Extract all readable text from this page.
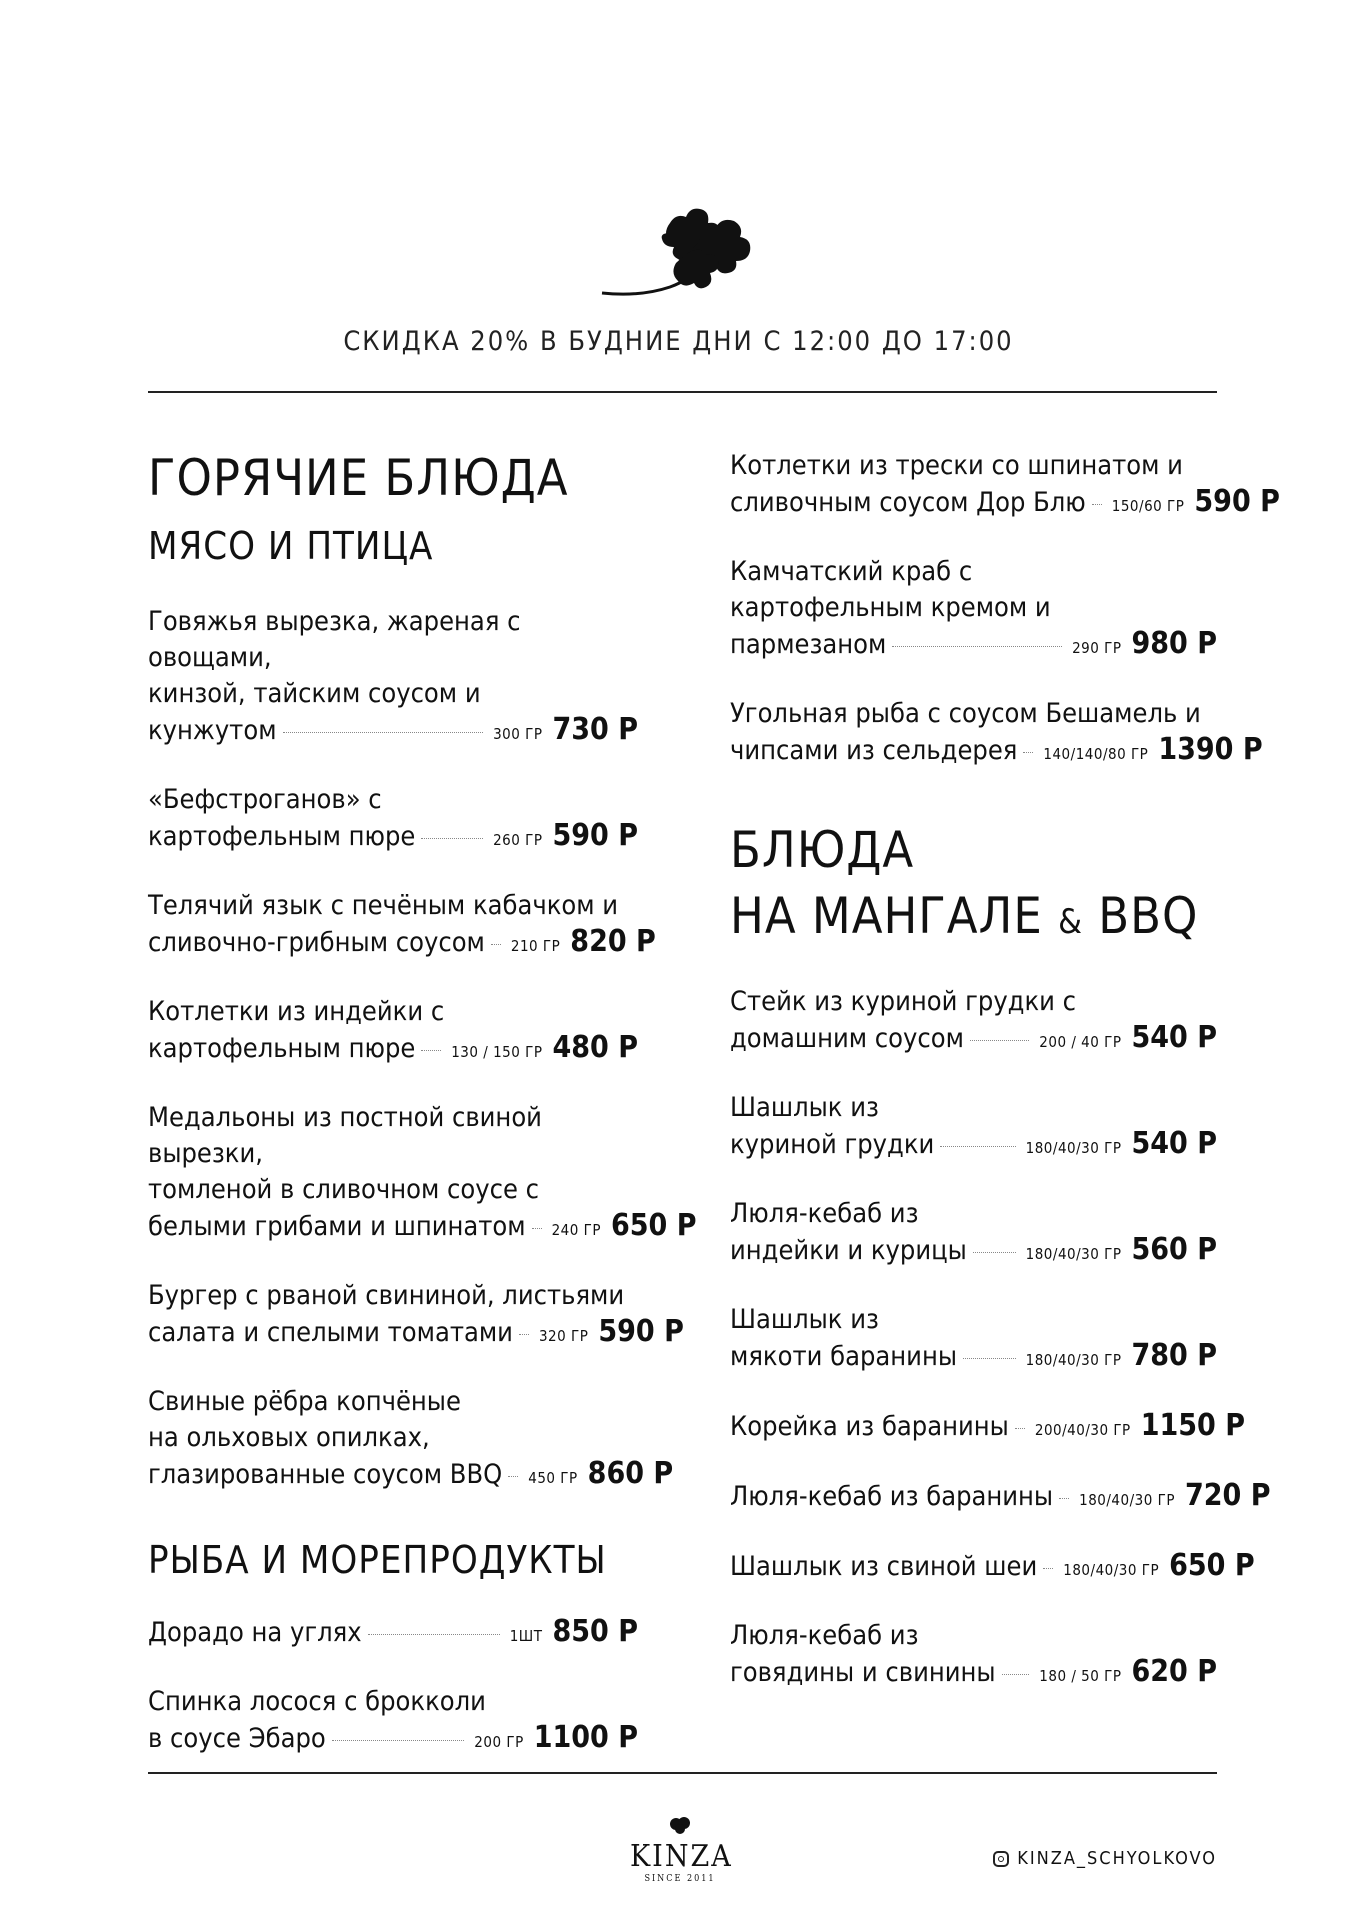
СКИДКА 20% В БУДНИЕ ДНИ С 12:00 ДО 17:00
ГОРЯЧИЕ БЛЮДА
МЯСО И ПТИЦА
Говяжья вырезка, жареная с овощами,
кинзой, тайским соусом и
кунжутом	300 ГР 730 Р
«Бефстроганов» с
картофельным пюре	260 ГР 590 Р
Телячий язык с печёным кабачком и
сливочно-грибным соусом 210 ГР 820 Р
Котлетки из индейки с
картофельным пюре 130 / 150 ГР 480 Р
Медальоны из постной свиной вырезки,
томленой в сливочном соусе с
белыми грибами и шпинатом 240 ГР 650 Р
Бургер с рваной свининой, листьями
салата и спелыми томатами 320 ГР 590 Р
Свиные рёбра копчёные
на ольховых опилках,
глазированные соусом BBQ 450 ГР 860 Р
РЫБА И МОРЕПРОДУКТЫ
Дорадо на углях	1ШТ 850 Р
Спинка лосося с брокколи
в соусе Эбаро	200 ГР 1100 Р
Котлетки из трески со шпинатом и
сливочным соусом Дор Блю 150/60 ГР 590 Р
Камчатский краб с
картофельным кремом и
пармезаном	290 ГР 980 Р
Угольная рыба с соусом Бешамель и
чипсами из сельдерея 140/140/80 ГР 1390 Р
БЛЮДА
НА МАНГАЛЕ & BBQ
Стейк из куриной грудки с
домашним соусом	200 / 40 ГР 540 Р
Шашлык из
куриной грудки	180/40/30 ГР 540 Р
Люля-кебаб из
индейки и курицы	180/40/30 ГР 560 Р
Шашлык из
мякоти баранины	180/40/30 ГР 780 Р
Корейка из баранины 200/40/30 ГР 1150 Р
Люля-кебаб из баранины 180/40/30 ГР 720 Р
Шашлык из свиной шеи 180/40/30 ГР 650 Р
Люля-кебаб из
говядины и свинины	180 / 50 ГР 620 Р
KINZA
SINCE 2011
KINZA_SCHYOLKOVO
